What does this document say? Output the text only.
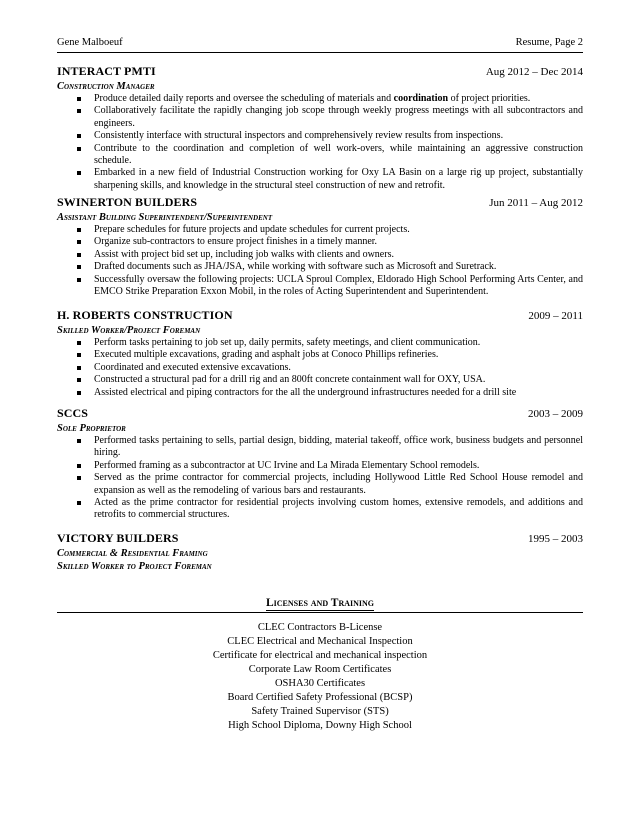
Gene Malboeuf	Resume, Page 2
INTERACT PMTI	Aug 2012 – Dec 2014
Construction Manager
Produce detailed daily reports and oversee the scheduling of materials and coordination of project priorities.
Collaboratively facilitate the rapidly changing job scope through weekly progress meetings with all subcontractors and engineers.
Consistently interface with structural inspectors and comprehensively review results from inspections.
Contribute to the coordination and completion of well work-overs, while maintaining an aggressive construction schedule.
Embarked in a new field of Industrial Construction working for Oxy LA Basin on a large rig up project, substantially sharpening skills, and knowledge in the structural steel construction of new and retrofit.
SWINERTON BUILDERS	Jun 2011 – Aug 2012
Assistant Building Superintendent/Superintendent
Prepare schedules for future projects and update schedules for current projects.
Organize sub-contractors to ensure project finishes in a timely manner.
Assist with project bid set up, including job walks with clients and owners.
Drafted documents such as JHA/JSA, while working with software such as Microsoft and Suretrack.
Successfully oversaw the following projects: UCLA Sproul Complex, Eldorado High School Performing Arts Center, and EMCO Strike Preparation Exxon Mobil, in the roles of Acting Superintendent and Superintendent.
H. ROBERTS CONSTRUCTION	2009 – 2011
Skilled Worker/Project Foreman
Perform tasks pertaining to job set up, daily permits, safety meetings, and client communication.
Executed multiple excavations, grading and asphalt jobs at Conoco Phillips refineries.
Coordinated and executed extensive excavations.
Constructed a structural pad for a drill rig and an 800ft concrete containment wall for OXY, USA.
Assisted electrical and piping contractors for the all the underground infrastructures needed for a drill site
SCCS	2003 – 2009
Sole Proprietor
Performed tasks pertaining to sells, partial design, bidding, material takeoff, office work, business budgets and personnel hiring.
Performed framing as a subcontractor at UC Irvine and La Mirada Elementary School remodels.
Served as the prime contractor for commercial projects, including Hollywood Little Red School House remodel and expansion as well as the remodeling of various bars and restaurants.
Acted as the prime contractor for residential projects involving custom homes, extensive remodels, and additions and retrofits to commercial structures.
VICTORY BUILDERS	1995 – 2003
Commercial & Residential Framing
Skilled Worker to Project Foreman
Licenses and Training
CLEC Contractors B-License
CLEC Electrical and Mechanical Inspection
Certificate for electrical and mechanical inspection
Corporate Law Room Certificates
OSHA30 Certificates
Board Certified Safety Professional (BCSP)
Safety Trained Supervisor (STS)
High School Diploma, Downy High School
